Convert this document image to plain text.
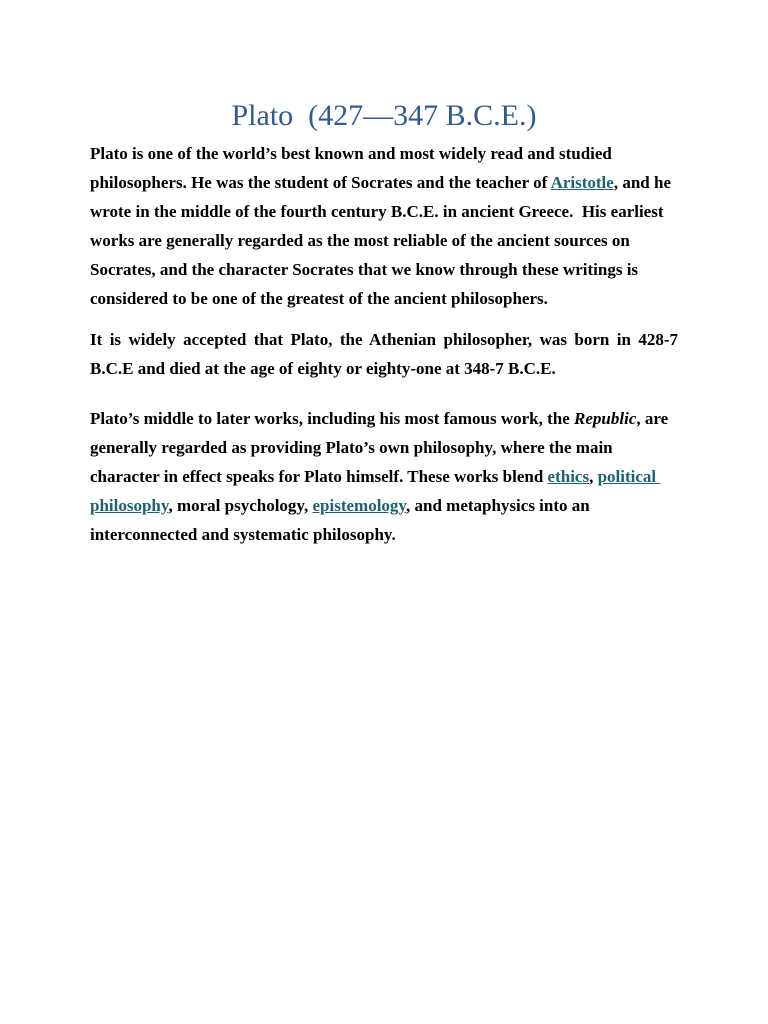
Plato  (427—347 B.C.E.)

Plato is one of the world’s best known and most widely read and studied philosophers. He was the student of Socrates and the teacher of Aristotle, and he wrote in the middle of the fourth century B.C.E. in ancient Greece.  His earliest works are generally regarded as the most reliable of the ancient sources on Socrates, and the character Socrates that we know through these writings is considered to be one of the greatest of the ancient philosophers.

It is widely accepted that Plato, the Athenian philosopher, was born in 428-7 B.C.E and died at the age of eighty or eighty-one at 348-7 B.C.E.

Plato’s middle to later works, including his most famous work, the Republic, are generally regarded as providing Plato’s own philosophy, where the main character in effect speaks for Plato himself. These works blend ethics, political philosophy, moral psychology, epistemology, and metaphysics into an interconnected and systematic philosophy.
